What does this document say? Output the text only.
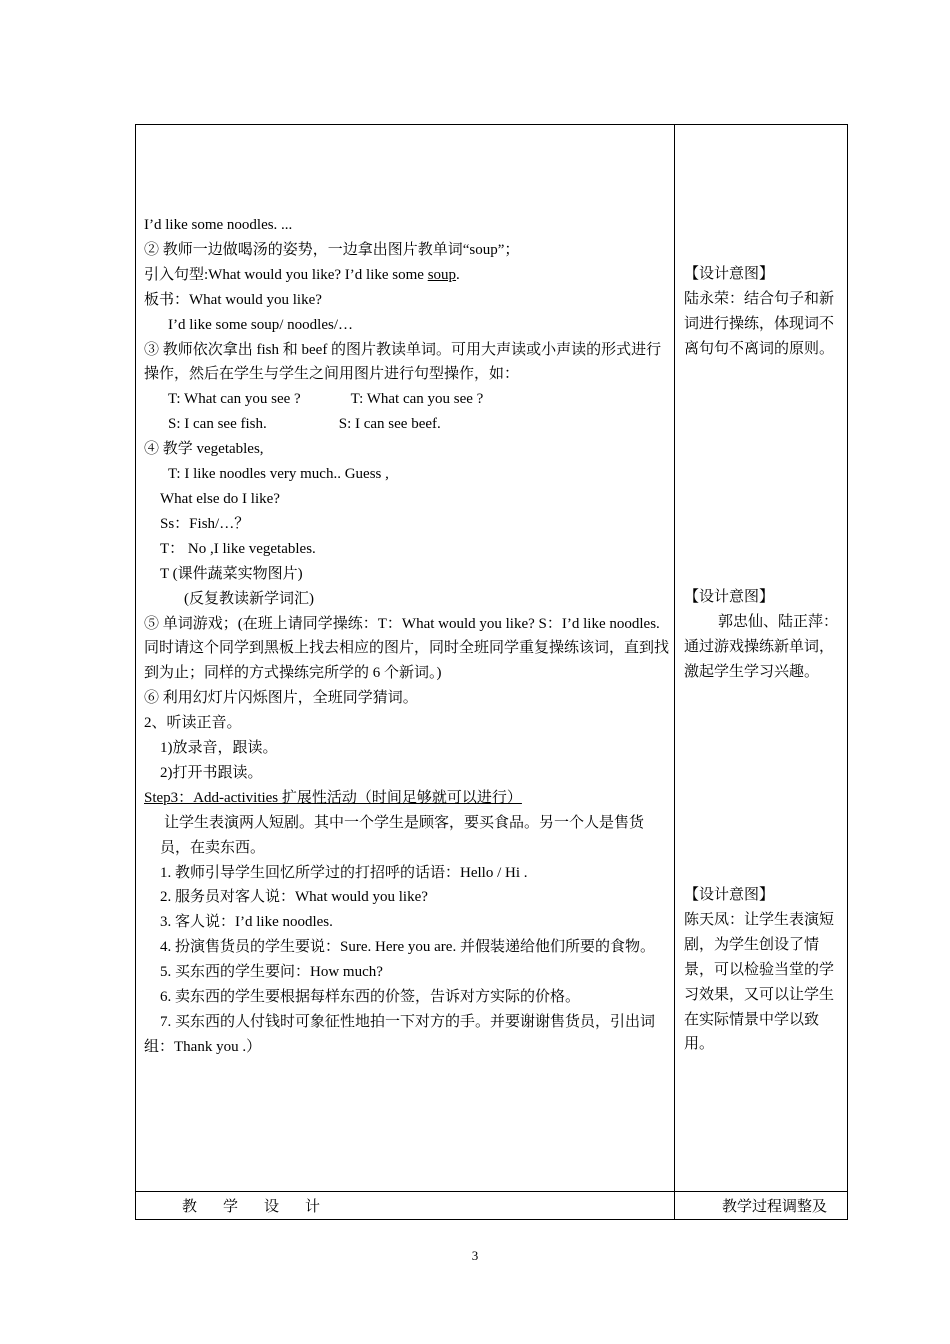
I’d like some noodles. ...
② 教师一边做喝汤的姿势，一边拿出图片教单词“soup”；
引入句型:What would you like? I’d like some soup.
板书：What would you like?
I’d like some soup/ noodles/…
③ 教师依次拿出 fish 和 beef 的图片教读单词。可用大声读或小声读的形式进行操作，然后在学生与学生之间用图片进行句型操作，如：
T: What can you see ?	T: What can you see ?
S: I can see fish.	S: I can see beef.
④ 教学 vegetables,
T: I like noodles very much.. Guess ,
What else do I like?
Ss：Fish/…？
T： No ,I like vegetables.
T (课件蔬菜实物图片)
(反复教读新学词汇)
⑤ 单词游戏；(在班上请同学操练：T：What would you like? S：I’d like noodles.同时请这个同学到黑板上找去相应的图片，同时全班同学重复操练该词，直到找到为止；同样的方式操练完所学的 6 个新词。)
⑥ 利用幻灯片闪烁图片，全班同学猜词。
2、听读正音。
1)放录音，跟读。
2)打开书跟读。
Step3：Add-activities 扩展性活动（时间足够就可以进行）
让学生表演两人短剧。其中一个学生是顾客，要买食品。另一个人是售货员，在卖东西。
1. 教师引导学生回忆所学过的打招呼的话语：Hello / Hi .
2. 服务员对客人说：What would you like?
3. 客人说：I’d like noodles.
4. 扮演售货员的学生要说：Sure. Here you are. 并假装递给他们所要的食物。
5. 买东西的学生要问：How much?
6. 卖东西的学生要根据每样东西的价签，告诉对方实际的价格。
7. 买东西的人付钱时可象征性地拍一下对方的手。并要谢谢售货员，引出词组：Thank you .）
【设计意图】
陆永荣：结合句子和新词进行操练，体现词不离句句不离词的原则。
【设计意图】
郭忠仙、陆正萍：通过游戏操练新单词，激起学生学习兴趣。
【设计意图】
陈天凤：让学生表演短剧，为学生创设了情景，可以检验当堂的学习效果，又可以让学生在实际情景中学以致用。
教 学 设 计	教学过程调整及
3
